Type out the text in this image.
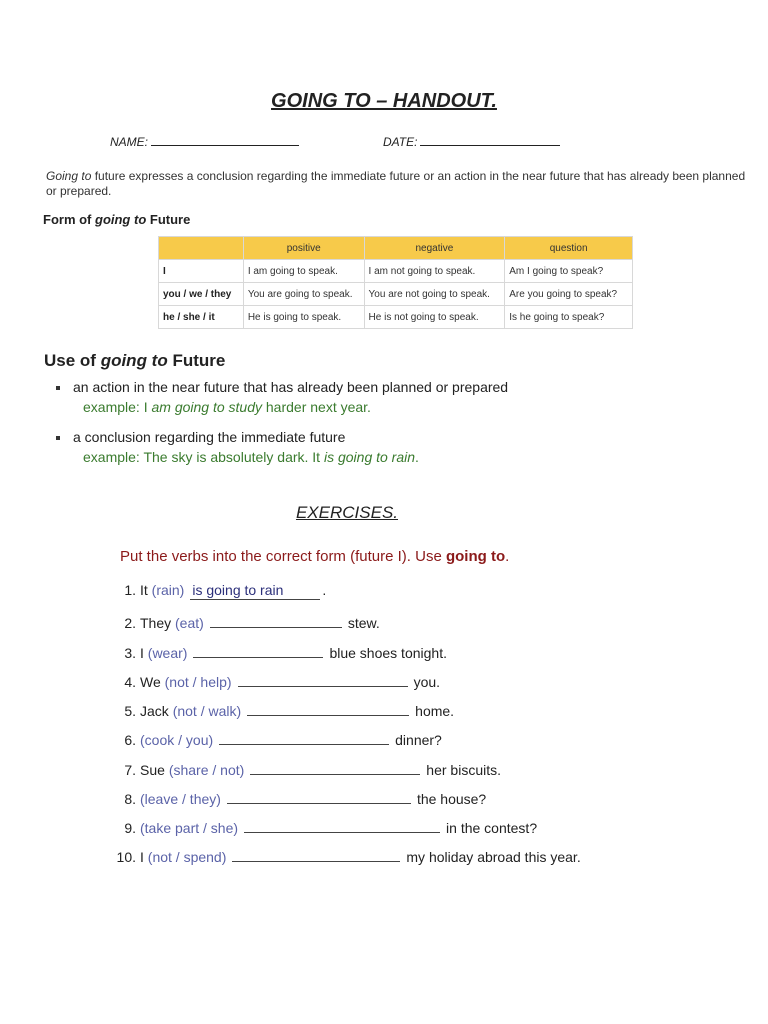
GOING TO – HANDOUT.
NAME:	DATE:
Going to future expresses a conclusion regarding the immediate future or an action in the near future that has already been planned or prepared.
Form of going to Future
	positive	negative	question
I	I am going to speak.	I am not going to speak.	Am I going to speak?
you / we / they	You are going to speak.	You are not going to speak.	Are you going to speak?
he / she / it	He is going to speak.	He is not going to speak.	Is he going to speak?
Use of going to Future
an action in the near future that has already been planned or prepared
example: I am going to study harder next year.
a conclusion regarding the immediate future
example: The sky is absolutely dark. It is going to rain.
EXERCISES.
Put the verbs into the correct form (future I). Use going to.
1. It (rain) is going to rain	.
2. They (eat)	stew.
3. I (wear)	blue shoes tonight.
4. We (not / help)	you.
5. Jack (not / walk)	home.
6. (cook / you)	dinner?
7. Sue (share / not)	her biscuits.
8. (leave / they)	the house?
9. (take part / she)	in the contest?
10. I (not / spend)	my holiday abroad this year.
